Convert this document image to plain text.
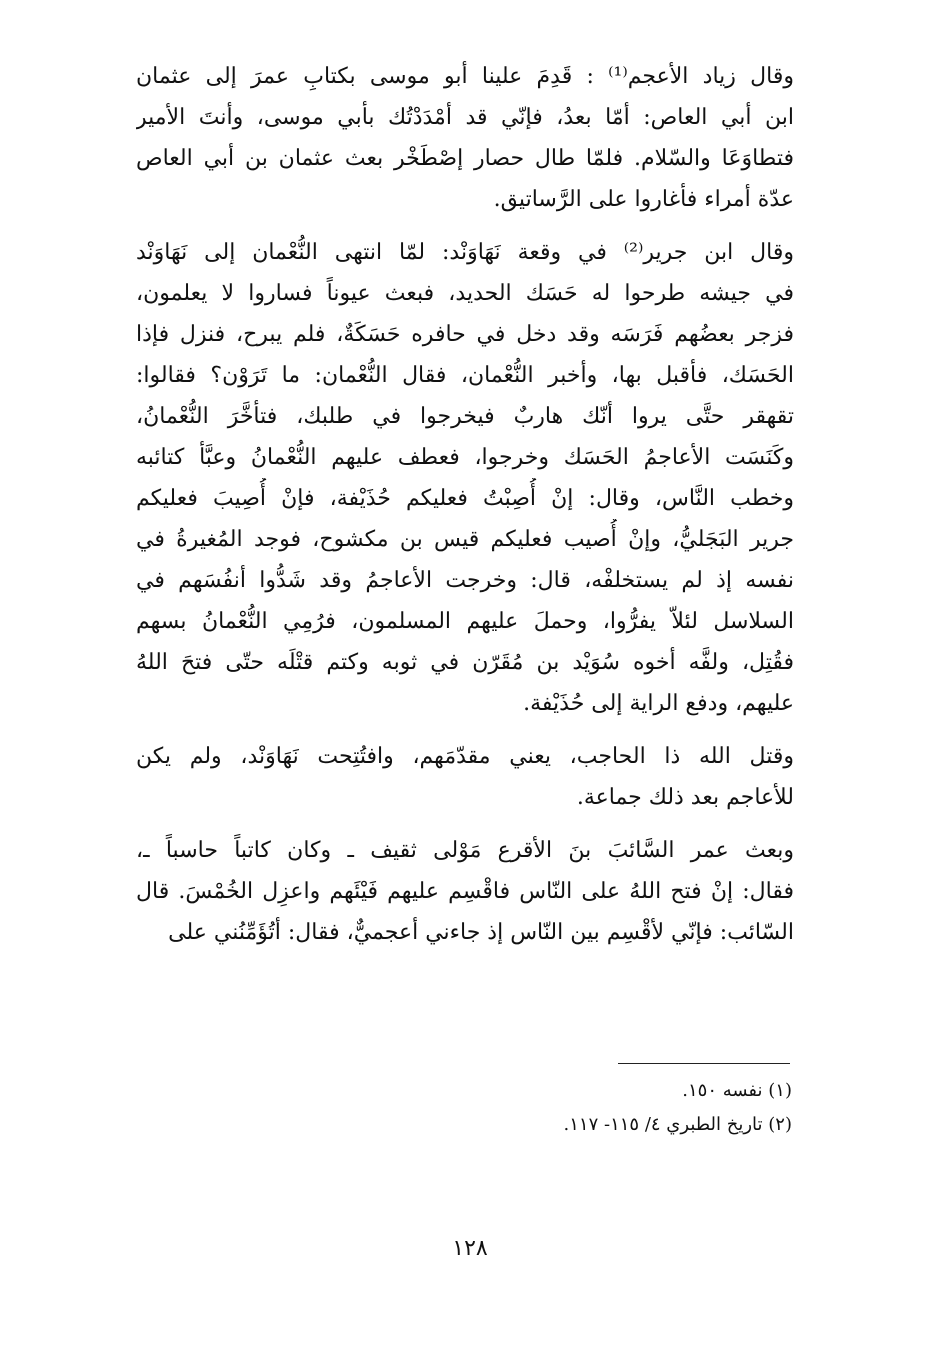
وقال زياد الأعجم⁽¹⁾ : قَدِمَ علينا أبو موسى بكتابِ عمرَ إلى عثمان
ابن أبي العاص: أمّا بعدُ، فإنّي قد أمْدَدْتُك بأبي موسى، وأنتَ الأمير
فتطاوَعَا والسّلام. فلمّا طال حصار إصْطَخْر بعث عثمان بن أبي العاص
عدّة أمراء فأغاروا على الرَّساتيق.
وقال ابن جرير⁽²⁾ في وقعة نَهَاوَنْد: لمّا انتهى النُّعْمان إلى نَهَاوَنْد
في جيشه طرحوا له حَسَك الحديد، فبعث عيوناً فساروا لا يعلمون،
فزجر بعضُهم فَرَسَه وقد دخل في حافره حَسَكَةٌ، فلم يبرح، فنزل فإذا
الحَسَك، فأقبل بها، وأخبر النُّعْمان، فقال النُّعْمان: ما تَرَوْن؟ فقالوا:
تقهقر حتَّى يروا أنّك هاربٌ فيخرجوا في طلبك، فتأخَّرَ النُّعْمانُ،
وكَنَسَت الأعاجمُ الحَسَك وخرجوا، فعطف عليهم النُّعْمانُ وعبَّأ كتائبه
وخطب النَّاس، وقال: إنْ أُصِبْتُ فعليكم حُذَيْفة، فإنْ أُصِيبَ فعليكم
جرير البَجَليُّ، وإنْ أُصيب فعليكم قيس بن مكشوح، فوجد المُغيرةُ في
نفسه إذ لم يستخلفْه، قال: وخرجت الأعاجمُ وقد شَدُّوا أنفُسَهم في
السلاسل لئلاّ يفرُّوا، وحملَ عليهم المسلمون، فرُمِي النُّعْمانُ بسهم
فقُتِل، ولفَّه أخوه سُوَيْد بن مُقَرّن في ثوبه وكتم قتْلَه حتّى فتحَ اللهُ
عليهم، ودفع الراية إلى حُذَيْفة.
وقتل الله ذا الحاجب، يعني مقدّمَهم، وافتُتِحت نَهَاوَنْد، ولم يكن
للأعاجم بعد ذلك جماعة.
وبعث عمر السَّائبَ بنَ الأقرع مَوْلى ثقيف ـ وكان كاتباً حاسباً ـ،
فقال: إنْ فتح اللهُ على النّاس فاقْسِم عليهم فَيْئَهم واعزِل الخُمْسَ. قال
السّائب: فإنّي لأقْسِم بين النّاس إذ جاءني أعجميٌّ، فقال: أتُؤَمِّنُني على
(١) نفسه ١٥٠.
(٢) تاريخ الطبري ٤/ ١١٥- ١١٧.
١٢٨
